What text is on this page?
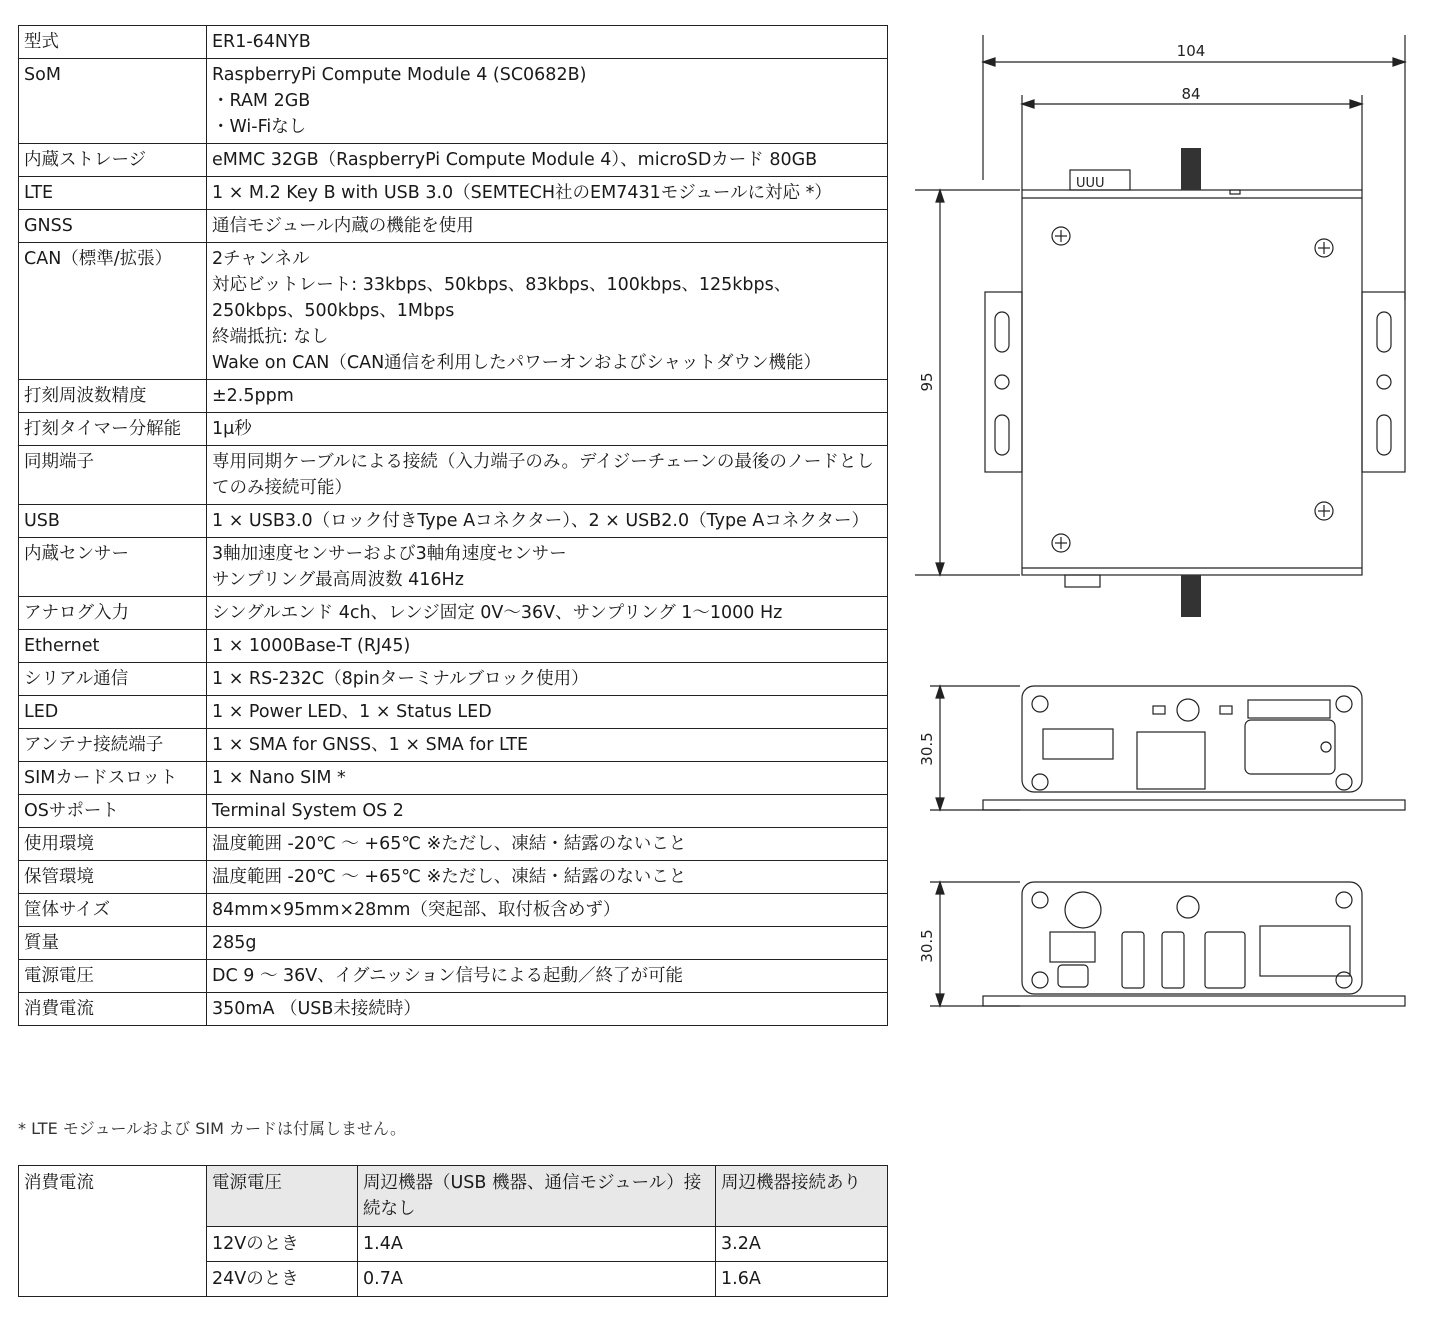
型式	ER1-64NYB
SoM	RaspberryPi Compute Module 4 (SC0682B)
・RAM 2GB
・Wi-Fiなし
内蔵ストレージ	eMMC 32GB（RaspberryPi Compute Module 4）、microSDカード 80GB
LTE	1 × M.2 Key B with USB 3.0（SEMTECH社のEM7431モジュールに対応 *）
GNSS	通信モジュール内蔵の機能を使用
CAN（標準/拡張）	2チャンネル
対応ビットレート: 33kbps、50kbps、83kbps、100kbps、125kbps、250kbps、500kbps、1Mbps
終端抵抗: なし
Wake on CAN（CAN通信を利用したパワーオンおよびシャットダウン機能）
打刻周波数精度	±2.5ppm
打刻タイマー分解能	1μ秒
同期端子	専用同期ケーブルによる接続（入力端子のみ。デイジーチェーンの最後のノードとしてのみ接続可能）
USB	1 × USB3.0（ロック付きType Aコネクター）、2 × USB2.0（Type Aコネクター）
内蔵センサー	3軸加速度センサーおよび3軸角速度センサー
サンプリング最高周波数 416Hz
アナログ入力	シングルエンド 4ch、レンジ固定 0V～36V、サンプリング 1～1000 Hz
Ethernet	1 × 1000Base-T (RJ45)
シリアル通信	1 × RS-232C（8pinターミナルブロック使用）
LED	1 × Power LED、1 × Status LED
アンテナ接続端子	1 × SMA for GNSS、1 × SMA for LTE
SIMカードスロット	1 × Nano SIM *
OSサポート	Terminal System OS 2
使用環境	温度範囲 -20℃ ～ +65℃ ※ただし、凍結・結露のないこと
保管環境	温度範囲 -20℃ ～ +65℃ ※ただし、凍結・結露のないこと
筐体サイズ	84mm×95mm×28mm（突起部、取付板含めず）
質量	285g
電源電圧	DC 9 ～ 36V、イグニッション信号による起動／終了が可能
消費電流	350mA （USB未接続時）
* LTE モジュールおよび SIM カードは付属しません。
消費電流	電源電圧	周辺機器（USB 機器、通信モジュール）接続なし	周辺機器接続あり
	12Vのとき	1.4A	3.2A
	24Vのとき	0.7A	1.6A
UUU
104
84
95
30.5
30.5
